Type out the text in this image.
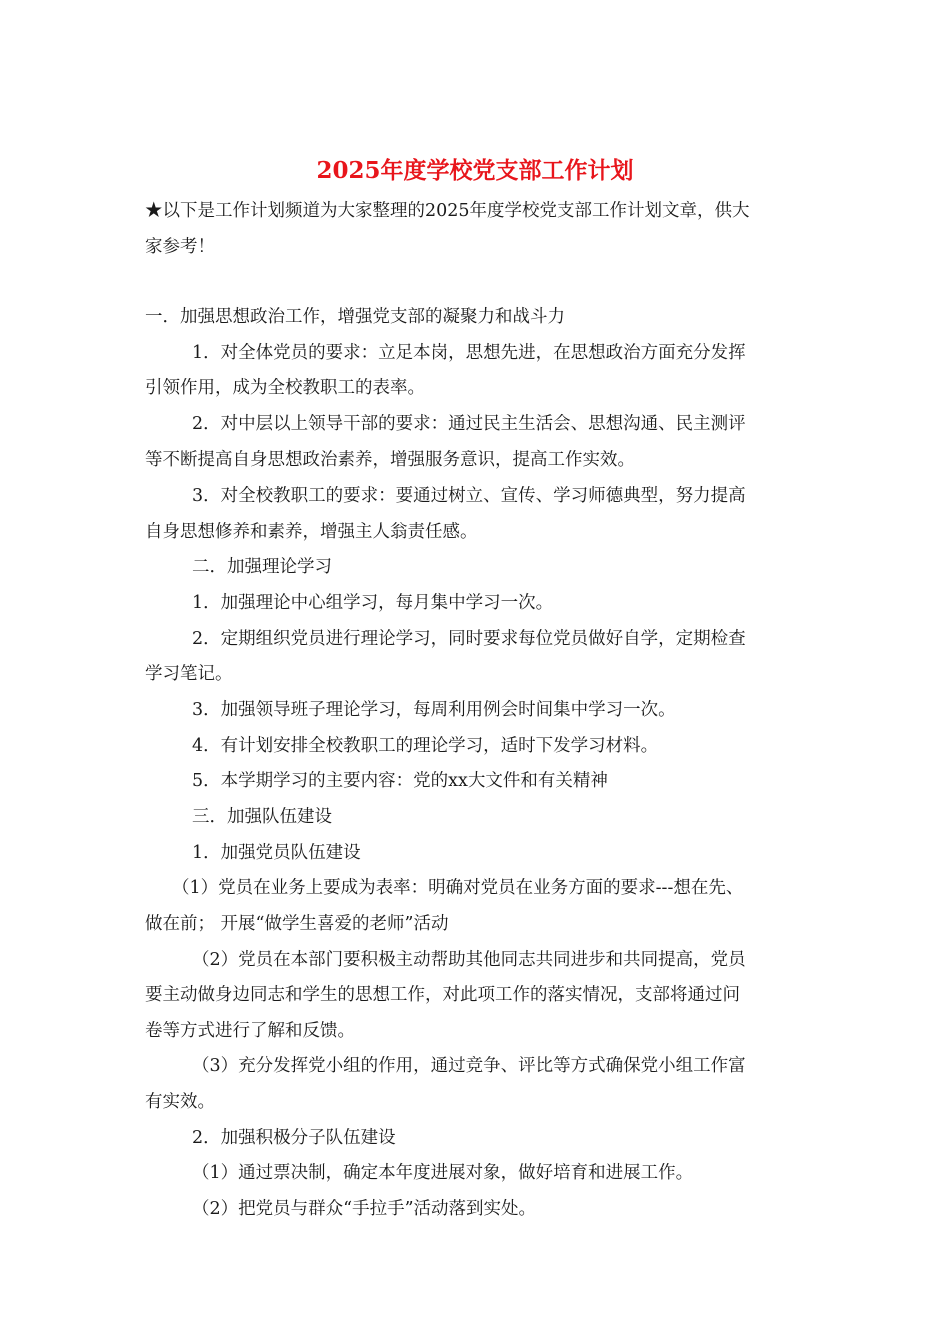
2025年度学校党支部工作计划
★以下是工作计划频道为大家整理的2025年度学校党支部工作计划文章，供大
家参考！
一．加强思想政治工作，增强党支部的凝聚力和战斗力
1．对全体党员的要求：立足本岗，思想先进，在思想政治方面充分发挥
引领作用，成为全校教职工的表率。
2．对中层以上领导干部的要求：通过民主生活会、思想沟通、民主测评
等不断提高自身思想政治素养，增强服务意识，提高工作实效。
3．对全校教职工的要求：要通过树立、宣传、学习师德典型，努力提高
自身思想修养和素养，增强主人翁责任感。
二．加强理论学习
1．加强理论中心组学习，每月集中学习一次。
2．定期组织党员进行理论学习，同时要求每位党员做好自学，定期检查
学习笔记。
3．加强领导班子理论学习，每周利用例会时间集中学习一次。
4．有计划安排全校教职工的理论学习，适时下发学习材料。
5．本学期学习的主要内容：党的xx大文件和有关精神
三．加强队伍建设
1．加强党员队伍建设
（1）党员在业务上要成为表率：明确对党员在业务方面的要求---想在先、
做在前； 开展“做学生喜爱的老师”活动
（2）党员在本部门要积极主动帮助其他同志共同进步和共同提高，党员
要主动做身边同志和学生的思想工作，对此项工作的落实情况，支部将通过问
卷等方式进行了解和反馈。
（3）充分发挥党小组的作用，通过竞争、评比等方式确保党小组工作富
有实效。
2．加强积极分子队伍建设
（1）通过票决制，确定本年度进展对象，做好培育和进展工作。
（2）把党员与群众“手拉手”活动落到实处。
